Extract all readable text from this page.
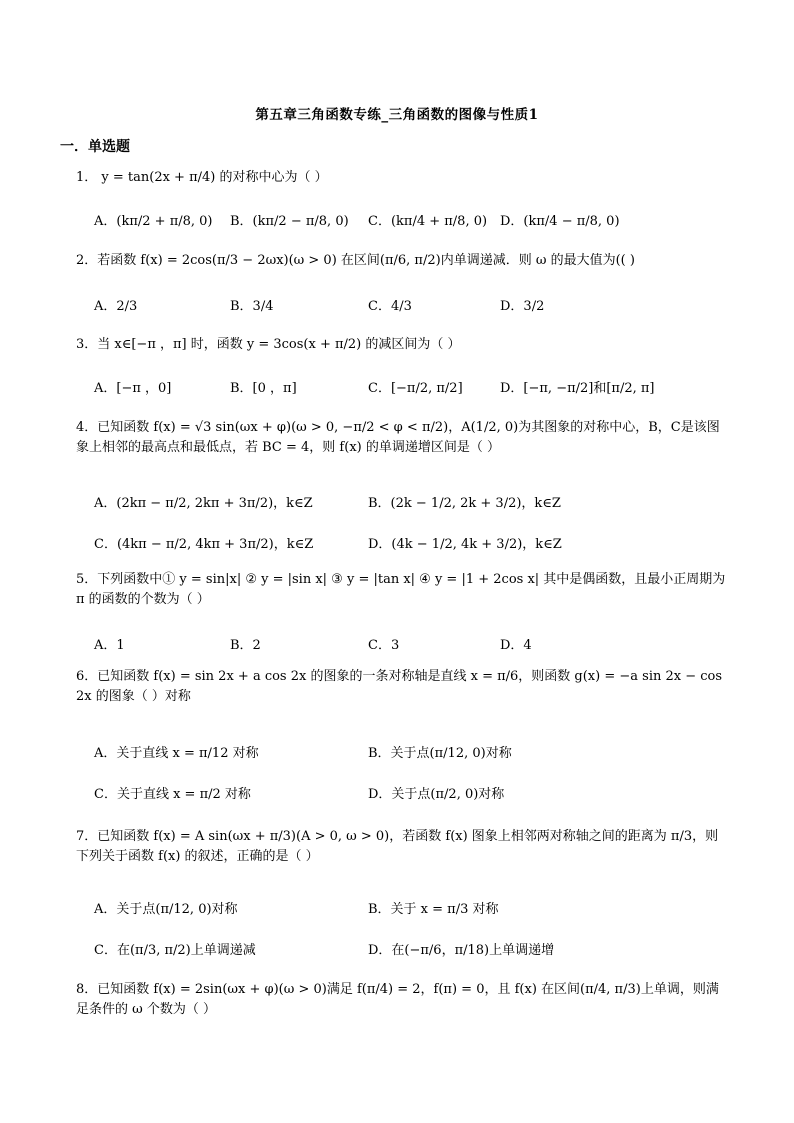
第五章三角函数专练_三角函数的图像与性质1
一．单选题
1． y = tan(2x + π/4) 的对称中心为（ ）
A．(kπ/2 + π/8, 0) B．(kπ/2 − π/8, 0) C．(kπ/4 + π/8, 0) D．(kπ/4 − π/8, 0)
2．若函数 f(x) = 2cos(π/3 − 2ωx)(ω > 0) 在区间(π/6, π/2)内单调递减．则 ω 的最大值为(( )
A．2/3	B．3/4	C．4/3	D．3/2
3．当 x∈[−π ，π] 时，函数 y = 3cos(x + π/2) 的减区间为（ ）
A．[−π ，0]	B．[0 ，π]	C．[−π/2, π/2]	D．[−π, −π/2]和[π/2, π]
4．已知函数 f(x) = √3 sin(ωx + φ)(ω > 0, −π/2 < φ < π/2)，A(1/2, 0)为其图象的对称中心，B，C是该图象上相邻的最高点和最低点，若 BC = 4，则 f(x) 的单调递增区间是（ ）
A．(2kπ − π/2, 2kπ + 3π/2)，k∈Z	B．(2k − 1/2, 2k + 3/2)，k∈Z
C．(4kπ − π/2, 4kπ + 3π/2)，k∈Z	D．(4k − 1/2, 4k + 3/2)，k∈Z
5．下列函数中① y = sin|x| ② y = |sin x| ③ y = |tan x| ④ y = |1 + 2cos x| 其中是偶函数，且最小正周期为 π 的函数的个数为（ ）
A．1	B．2	C．3	D．4
6．已知函数 f(x) = sin 2x + a cos 2x 的图象的一条对称轴是直线 x = π/6，则函数 g(x) = −a sin 2x − cos 2x 的图象（ ）对称
A．关于直线 x = π/12 对称	B．关于点(π/12, 0)对称
C．关于直线 x = π/2 对称	D．关于点(π/2, 0)对称
7．已知函数 f(x) = A sin(ωx + π/3)(A > 0, ω > 0)，若函数 f(x) 图象上相邻两对称轴之间的距离为 π/3，则下列关于函数 f(x) 的叙述，正确的是（ ）
A．关于点(π/12, 0)对称	B．关于 x = π/3 对称
C．在(π/3, π/2)上单调递减	D．在(−π/6，π/18)上单调递增
8．已知函数 f(x) = 2sin(ωx + φ)(ω > 0)满足 f(π/4) = 2，f(π) = 0，且 f(x) 在区间(π/4, π/3)上单调，则满足条件的 ω 个数为（ ）
